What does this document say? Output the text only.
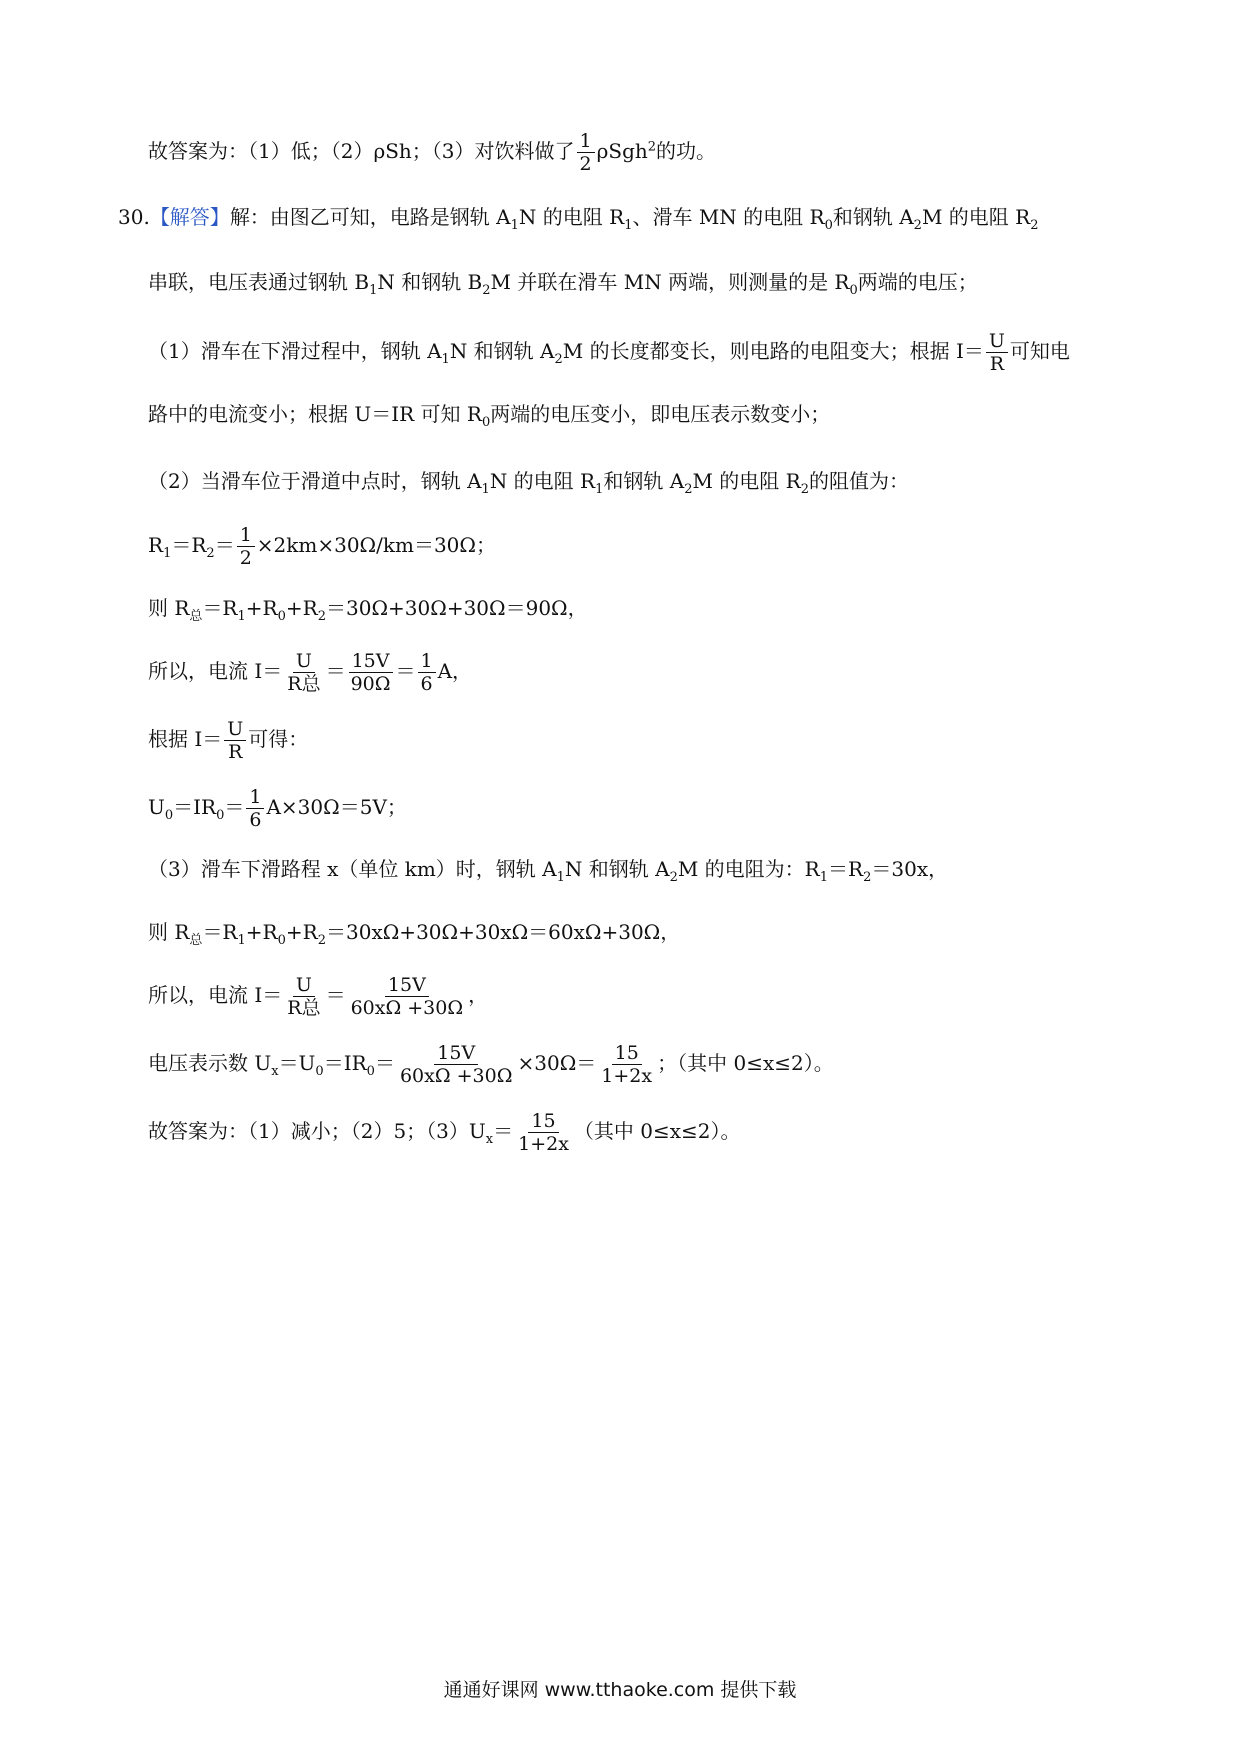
故答案为：（1）低；（2）ρSh；（3）对饮料做了 $\frac{1}{2} \rho Sgh^2$的功。
30.【解答】解：由图乙可知，电路是钢轨 $A_1N$ 的电阻 $R_1$、滑车 MN 的电阻 $R_0$和钢轨 $A_2M$ 的电阻 $R_2$
串联，电压表通过钢轨 $B_1N$ 和钢轨 $B_2M$ 并联在滑车 MN 两端，则测量的是 $R_0$两端的电压；
（1）滑车在下滑过程中，钢轨 $A_1N$ 和钢轨 $A_2M$ 的长度都变长，则电路的电阻变大；根据 $I= \frac{U}{R}$ 可知电
路中的电流变小；根据 U＝IR 可知 $R_0$两端的电压变小，即电压表示数变小；
（2）当滑车位于滑道中点时，钢轨 $A_1N$ 的电阻 $R_1$和钢轨 $A_2M$ 的电阻 $R_2$的阻值为：
$R_1=R_2= \frac{1}{2} \times 2km\times 30\Omega/km=30\Omega$；
则 $R_总=R_1+R_0+R_2=30\Omega+30\Omega+30\Omega=90\Omega$，
所以，电流 $I= \frac{U}{\text{R总}} = \frac{15V}{90\Omega} = \frac{1}{6}$ A，
根据 $I= \frac{U}{R}$ 可得：
$U_0=IR_0= \frac{1}{6} A\times 30\Omega=5V$；
（3）滑车下滑路程 x（单位 km）时，钢轨 $A_1N$ 和钢轨 $A_2M$ 的电阻为：$R_1=R_2=30x$，
则 $R_总=R_1+R_0+R_2=30x\Omega+30\Omega+30x\Omega=60x\Omega+30\Omega$，
所以，电流 $I= \frac{U}{\text{R总}} = \frac{15V}{60x\Omega +30\Omega}$ ，
电压表示数 $U_x=U_0=IR_0= \frac{15V}{60x\Omega +30\Omega} \times 30\Omega= \frac{15}{1+2x}$ ；（其中 0≤x≤2）。
故答案为：（1）减小；（2）5；$(3)U_x= \frac{15}{1+2x}$ （其中 0≤x≤2）。
通通好课网 www.tthaoke.com 提供下载
